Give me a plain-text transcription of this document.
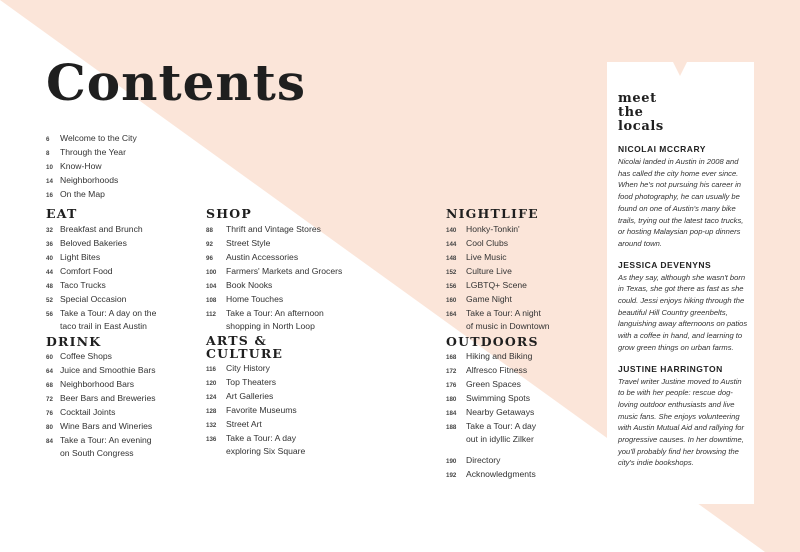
Contents
6	Welcome to the City
8	Through the Year
10 Know-How
14 Neighborhoods
16 On the Map
EAT
32 Breakfast and Brunch
36 Beloved Bakeries
40 Light Bites
44 Comfort Food
48 Taco Trucks
52 Special Occasion
56 Take a Tour: A day on the
taco trail in East Austin
DRINK
60 Coffee Shops
64 Juice and Smoothie Bars
68 Neighborhood Bars
72 Beer Bars and Breweries
76 Cocktail Joints
80 Wine Bars and Wineries
84 Take a Tour: An evening
on South Congress
SHOP
88	Thrift and Vintage Stores
92	Street Style
96	Austin Accessories
100	Farmers' Markets and Grocers
104	Book Nooks
108	Home Touches
112	Take a Tour: An afternoon
shopping in North Loop
ARTS &
CULTURE
116	City History
120	Top Theaters
124	Art Galleries
128	Favorite Museums
132	Street Art
136	Take a Tour: A day
exploring Six Square
NIGHTLIFE
140	Honky-Tonkin'
144	Cool Clubs
148	Live Music
152	Culture Live
156	LGBTQ+ Scene
160	Game Night
164	Take a Tour: A night
of music in Downtown
OUTDOORS
168	Hiking and Biking
172	Alfresco Fitness
176	Green Spaces
180	Swimming Spots
184	Nearby Getaways
188	Take a Tour: A day
out in idyllic Zilker
190	Directory
192	Acknowledgments
meet
the
locals
NICOLAI MCCRARY
Nicolai landed in Austin in 2008 and has called the city home ever since. When he's not pursuing his career in food photography, he can usually be found on one of Austin's many bike trails, trying out the latest taco trucks, or hosting Malaysian pop-up dinners around town.
JESSICA DEVENYNS
As they say, although she wasn't born in Texas, she got there as fast as she could. Jessi enjoys hiking through the beautiful Hill Country greenbelts, languishing away afternoons on patios with a coffee in hand, and learning to grow green things on urban farms.
JUSTINE HARRINGTON
Travel writer Justine moved to Austin to be with her people: rescue dog-loving outdoor enthusiasts and live music fans. She enjoys volunteering with Austin Mutual Aid and rallying for progressive causes. In her downtime, you'll probably find her browsing the city's indie bookshops.
